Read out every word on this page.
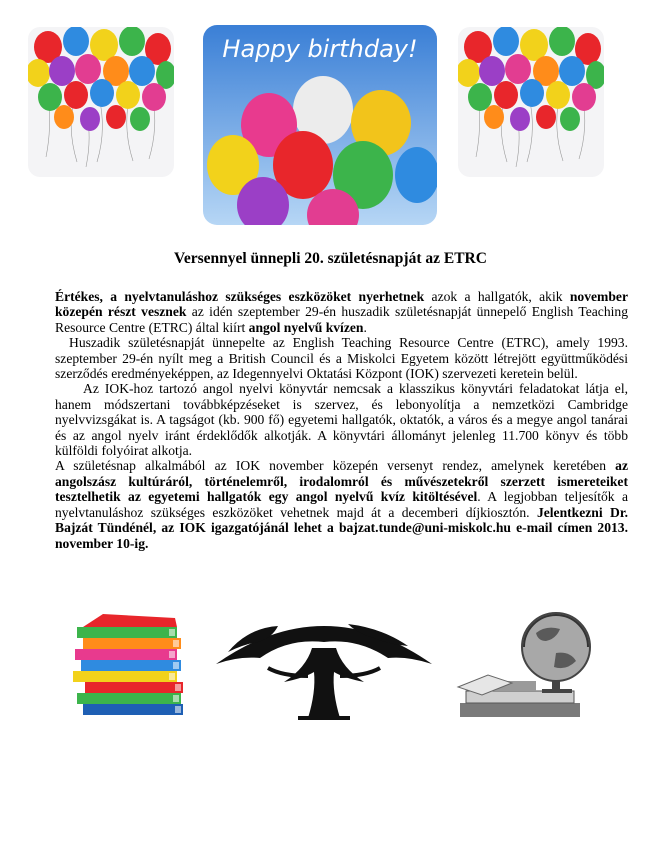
Happy birthday!
Versennyel ünnepli 20. születésnapját az ETRC

Értékes, a nyelvtanuláshoz szükséges eszközöket nyerhetnek azok a hallgatók, akik november közepén részt vesznek az idén szeptember 29-én huszadik születésnapját ünnepelő English Teaching Resource Centre (ETRC) által kiírt angol nyelvű kvízen.

Huszadik születésnapját ünnepelte az English Teaching Resource Centre (ETRC), amely 1993. szeptember 29-én nyílt meg a British Council és a Miskolci Egyetem között létrejött együttműködési szerződés eredményeképpen, az Idegennyelvi Oktatási Központ (IOK) szervezeti keretein belül.

Az IOK-hoz tartozó angol nyelvi könyvtár nemcsak a klasszikus könyvtári feladatokat látja el, hanem módszertani továbbképzéseket is szervez, és lebonyolítja a nemzetközi Cambridge nyelvvizsgákat is. A tagságot (kb. 900 fő) egyetemi hallgatók, oktatók, a város és a megye angol tanárai és az angol nyelv iránt érdeklődők alkotják. A könyvtári állományt jelenleg 11.700 könyv és több külföldi folyóirat alkotja.

A születésnap alkalmából az IOK november közepén versenyt rendez, amelynek keretében az angolszász kultúráról, történelemről, irodalomról és művészetekről szerzett ismereteiket tesztelhetik az egyetemi hallgatók egy angol nyelvű kvíz kitöltésével. A legjobban teljesítők a nyelvtanuláshoz szükséges eszközöket vehetnek majd át a decemberi díjkiosztón. Jelentkezni Dr. Bajzát Tündénél, az IOK igazgatójánál lehet a bajzat.tunde@uni-miskolc.hu e-mail címen 2013. november 10-ig.
